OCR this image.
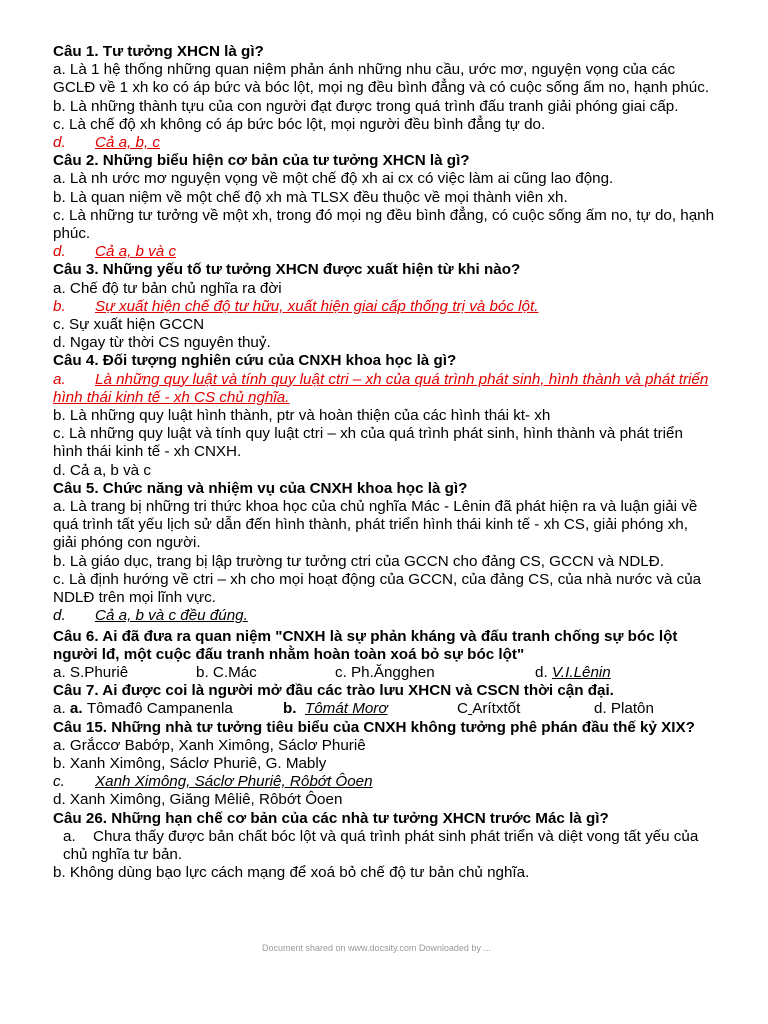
Câu 1. Tư tưởng XHCN là gì?
a. Là 1 hệ thống những quan niệm phản ánh những nhu cầu, ước mơ, nguyện vọng của các GCLĐ về 1 xh ko có áp bức và bóc lột, mọi ng đều bình đẳng và có cuộc sống ấm no, hạnh phúc.
b. Là những thành tựu của con người đạt được trong quá trình đấu tranh giải phóng giai cấp.
c. Là chế độ xh không có áp bức bóc lột, mọi người đều bình đẳng tự do.
d. Cả a, b, c
Câu 2. Những biểu hiện cơ bản của tư tưởng XHCN là gì?
a. Là nh ước mơ nguyện vọng về một chế độ xh ai cx có việc làm ai cũng lao động.
b. Là quan niệm về một chế độ xh mà TLSX đều thuộc về mọi thành viên xh.
c. Là những tư tưởng về một xh, trong đó mọi ng đều bình đẳng, có cuộc sống ấm no, tự do, hạnh phúc.
d. Cả a, b và c
Câu 3. Những yếu tố tư tưởng XHCN được xuất hiện từ khi nào?
a. Chế độ tư bản chủ nghĩa ra đời
b. Sự xuất hiện chế độ tư hữu, xuất hiện giai cấp thống trị và bóc lột.
c. Sự xuất hiện GCCN
d. Ngay từ thời CS nguyên thuỷ.
Câu 4. Đối tượng nghiên cứu của CNXH khoa học là gì?
a. Là những quy luật và tính quy luật ctri – xh của quá trình phát sinh, hình thành và phát triển hình thái kinh tế - xh CS chủ nghĩa.
b. Là những quy luật hình thành, ptr và hoàn thiện của các hình thái kt- xh
c. Là những quy luật và tính quy luật ctri – xh của quá trình phát sinh, hình thành và phát triển hình thái kinh tế - xh CNXH.
d. Cả a, b và c
Câu 5. Chức năng và nhiệm vụ của CNXH khoa học là gì?
a. Là trang bị những tri thức khoa học của chủ nghĩa Mác - Lênin đã phát hiện ra và luận giải về quá trình tất yếu lịch sử dẫn đến hình thành, phát triển hình thái kinh tế - xh CS, giải phóng xh, giải phóng con người.
b. Là giáo dục, trang bị lập trường tư tưởng ctri của GCCN cho đảng CS, GCCN và NDLĐ.
c. Là định hướng về ctri – xh cho mọi hoạt động của GCCN, của đảng CS, của nhà nước và của NDLĐ trên mọi lĩnh vực.
d. Cả a, b và c đều đúng.
Câu 6. Ai đã đưa ra quan niệm "CNXH là sự phản kháng và đấu tranh chống sự bóc lột người lđ, một cuộc đấu tranh nhằm hoàn toàn xoá bỏ sự bóc lột"
a. S.Phuriê	b. C.Mác	c. Ph.Ăngghen	d. V.I.Lênin
Câu 7. Ai được coi là người mở đầu các trào lưu XHCN và CSCN thời cận đại.
a. a. Tômađô Campanenla	b. Tômát Morơ	C Arítxtốt	d. Platôn
Câu 15. Những nhà tư tưởng tiêu biểu của CNXH không tưởng phê phán đầu thế kỷ XIX?
a. Grắccơ Babớp, Xanh Ximông, Sáclơ Phuriê
b. Xanh Ximông, Sáclơ Phuriê, G. Mably
c. Xanh Ximông, Sáclơ Phuriê, Rôbớt Ôoen
d. Xanh Ximông, Giăng Mêliê, Rôbớt Ôoen
Câu 26. Những hạn chế cơ bản của các nhà tư tưởng XHCN trước Mác là gì?
a. Chưa thấy được bản chất bóc lột và quá trình phát sinh phát triển và diệt vong tất yếu của chủ nghĩa tư bản.
b. Không dùng bạo lực cách mạng để xoá bỏ chế độ tư bản chủ nghĩa.
Document shared on www.docsity.com Downloaded by ...
